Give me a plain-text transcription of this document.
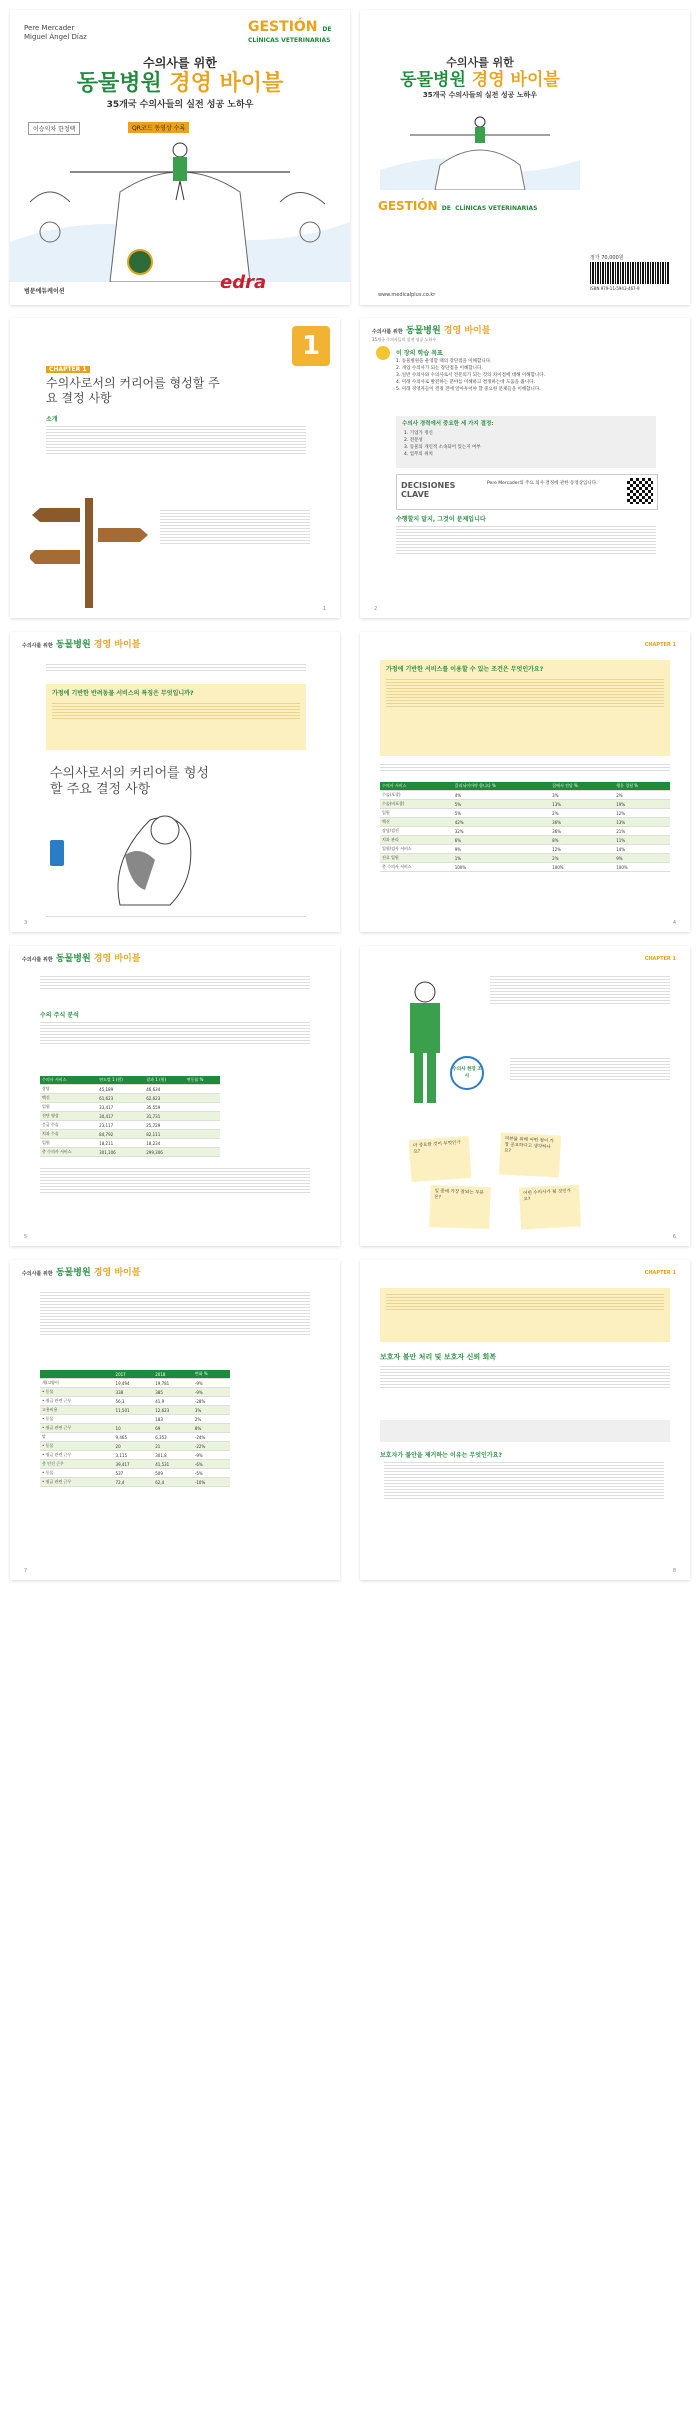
Pere Mercader
Miguel Ángel Díaz
GESTIÓN DE
CLÍNICAS VETERINARIAS
수의사를 위한
동물병원 경영 바이블
35개국 수의사들의 실전 성공 노하우
이승익차 한정택	QR코드 동영상 수록
범문에듀케이션	edra
수의사를 위한
동물병원 경영 바이블
35개국 수의사들의 실전 성공 노하우
GESTIÓN DE CLÍNICAS VETERINARIAS
정가 70,000원
ISBN 979-11-5943-467-9
www.medicalplus.co.kr
1
CHAPTER 1
수의사로서의 커리어를 형성할 주요 결정 사항
소개
1
수의사를 위한 동물병원 경영 바이블
35개국 수의사들의 실전 성공 노하우
이 장의 학습 목표
1. 동물병원을 운영할 때의 장단점을 이해합니다.
2. 개업 수의사가 되는 장단점을 이해합니다.
3. 일반 수의사와 수의사로서 전문의가 되는 것의 차이점에 대해 이해합니다.
4. 미래 수의사로 발전하는 분야를 이해하고 결정하는데 도움을 줍니다.
5. 미래 경영자들이 결정 전에 알아두어야 할 중요한 문제들을 이해합니다.
수의사 경력에서 중요한 세 가지 결정:
1. 기업가 정신
2. 전문성
3. 동물의 개인적 소속되어 있는지 여부
4. 업무의 위치
DECISIONES CLAVE
Pere Mercader의 주요 의사 결정에 관한 동영상입니다.
수행할지 말지, 그것이 문제입니다
2
수의사를 위한 동물병원 경영 바이블
가정에 기반한 반려동물 서비스의 특징은 무엇입니까?
수의사로서의 커리어를 형성할 주요 결정 사항
3
CHAPTER 1
가정에 기반한 서비스를 이용할 수 있는 조건은 무엇인가요?
수의사 서비스	클리닉이어야 합니다 %	집에서 전달 %	행운 경험 %
수술(포괄)	4%	3%	2%
수술(비포괄)	5%	13%	19%
입원	5%	2%	12%
백신	42%	36%	13%
상담/검진	32%	36%	21%
치과 관리	6%	8%	11%
입원/검사 서비스	9%	12%	14%
진료 입원	1%	2%	9%
총 수의사 서비스	100%	100%	100%
4
수의사를 위한 동물병원 경영 바이블
수의 주식 분석
수의사 서비스	연도별 1 (원)	결과 1 (원)	변동률 %
상담	45,189	46,634	
백신	61,623	62,623	
입원	33,417	35,559	
진단 영상	30,417	31,731	
응급 수술	23,117	25,729	
치과 수술	84,792	82,111	
입원	18,211	18,234	
총 수의사 서비스	301,106	299,306	
5
CHAPTER 1
수의사 현장 조사
더 중요한 것이 무엇인가요?
리뷰를 위해 어떤 점이 가장 중요하다고 생각하나요?
일 중에 가장 잘되는 부분은?
어떤 수의사가 될 것인가요?
6
수의사를 위한 동물병원 경영 바이블
	2017	2018	변화 %
개/고양이	19,494	19,781	-9%
• 동물	338	385	-9%
• 월급 관련 근무	56,3	41,9	-28%
고용비용	11,501	12,623	3%
• 동물		183	2%
• 월급 관련 근무	10	69	8%
말	9,465	6,353	-24%
• 동물	20	21	-22%
• 월급 관련 근무	3,115	301,8	-9%
총 인건 근무	39,417	41,531	-6%
• 동물	537	509	-5%
• 월급 관련 근무	72,4	62,4	-10%
7
CHAPTER 1
보호자 불안 처리 및 보호자 신뢰 회복
보호자가 불안을 제거하는 이유는 무엇인가요?
8
